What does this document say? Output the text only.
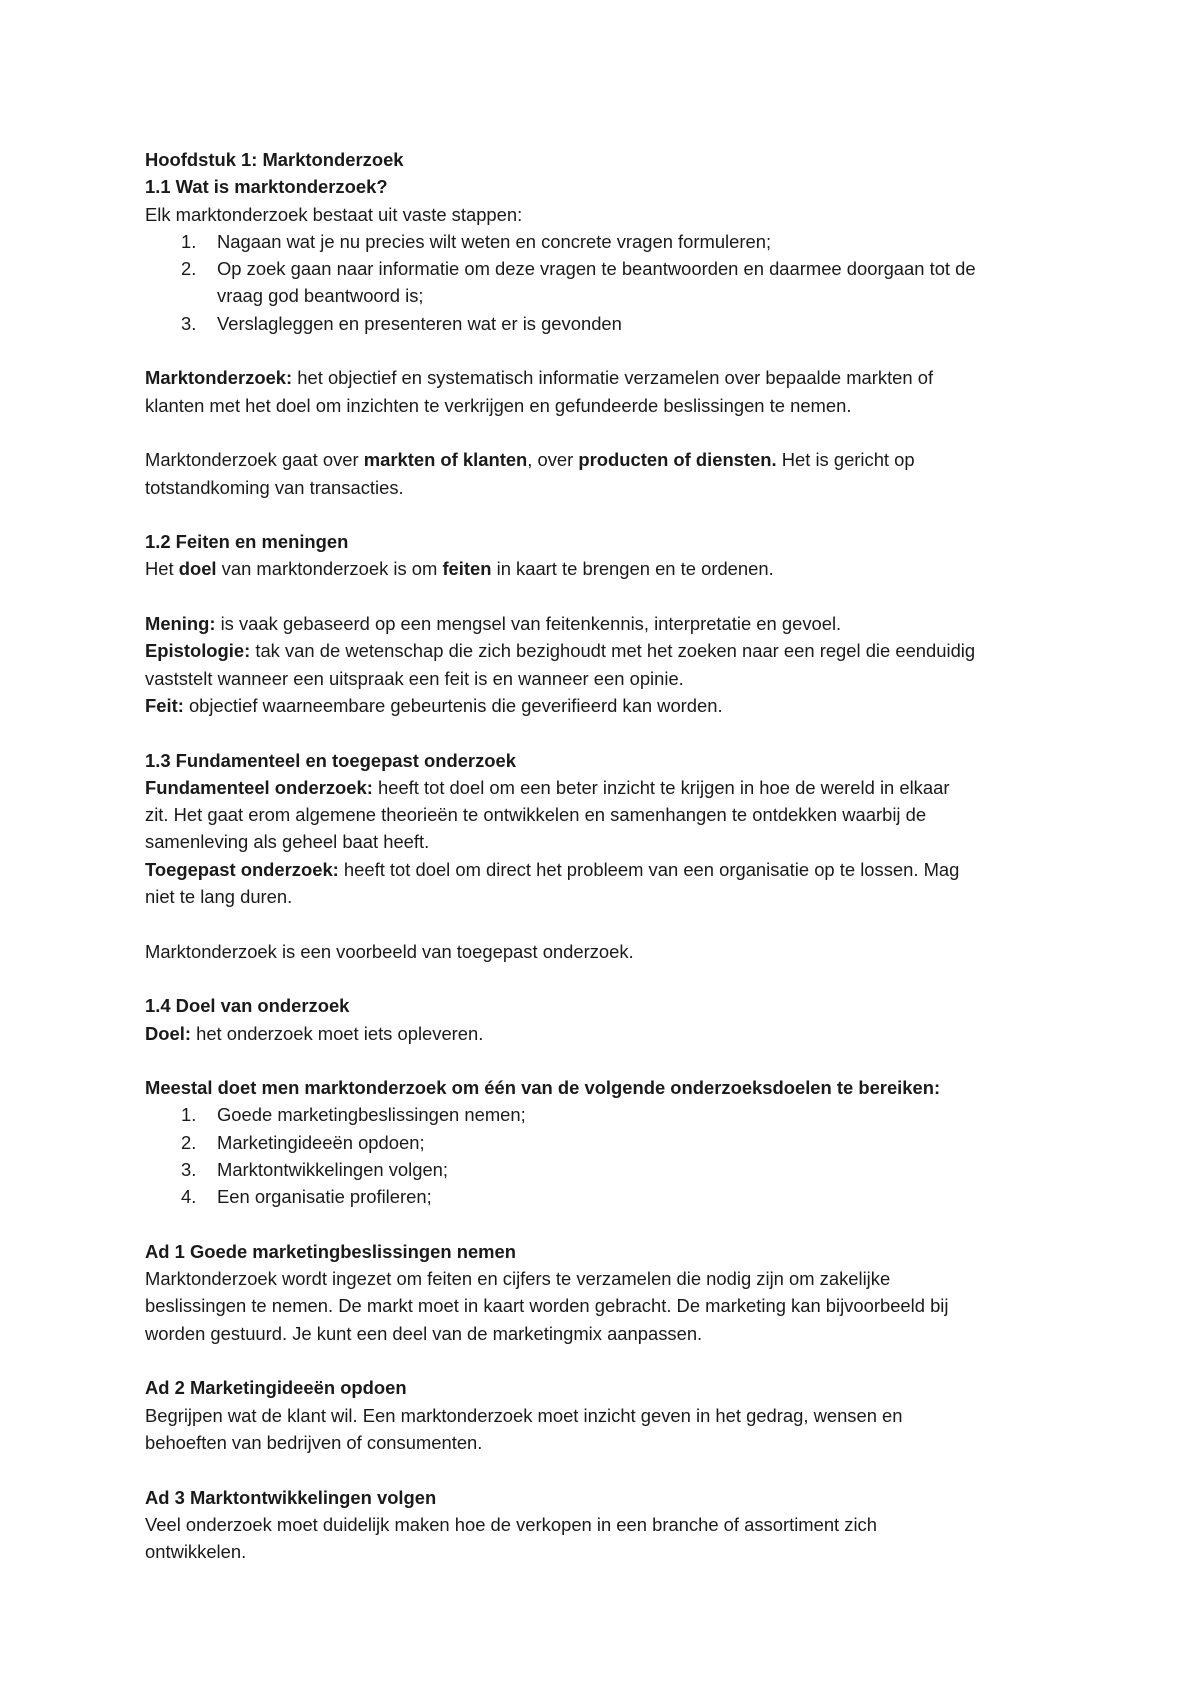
Hoofdstuk 1: Marktonderzoek
1.1 Wat is marktonderzoek?
Elk marktonderzoek bestaat uit vaste stappen:
1. Nagaan wat je nu precies wilt weten en concrete vragen formuleren;
2. Op zoek gaan naar informatie om deze vragen te beantwoorden en daarmee doorgaan tot de
vraag god beantwoord is;
3. Verslagleggen en presenteren wat er is gevonden
Marktonderzoek: het objectief en systematisch informatie verzamelen over bepaalde markten of
klanten met het doel om inzichten te verkrijgen en gefundeerde beslissingen te nemen.
Marktonderzoek gaat over markten of klanten, over producten of diensten. Het is gericht op
totstandkoming van transacties.
1.2 Feiten en meningen
Het doel van marktonderzoek is om feiten in kaart te brengen en te ordenen.
Mening: is vaak gebaseerd op een mengsel van feitenkennis, interpretatie en gevoel.
Epistologie: tak van de wetenschap die zich bezighoudt met het zoeken naar een regel die eenduidig
vaststelt wanneer een uitspraak een feit is en wanneer een opinie.
Feit: objectief waarneembare gebeurtenis die geverifieerd kan worden.
1.3 Fundamenteel en toegepast onderzoek
Fundamenteel onderzoek: heeft tot doel om een beter inzicht te krijgen in hoe de wereld in elkaar
zit. Het gaat erom algemene theorieën te ontwikkelen en samenhangen te ontdekken waarbij de
samenleving als geheel baat heeft.
Toegepast onderzoek: heeft tot doel om direct het probleem van een organisatie op te lossen. Mag
niet te lang duren.
Marktonderzoek is een voorbeeld van toegepast onderzoek.
1.4 Doel van onderzoek
Doel: het onderzoek moet iets opleveren.
Meestal doet men marktonderzoek om één van de volgende onderzoeksdoelen te bereiken:
1. Goede marketingbeslissingen nemen;
2. Marketingideeën opdoen;
3. Marktontwikkelingen volgen;
4. Een organisatie profileren;
Ad 1 Goede marketingbeslissingen nemen
Marktonderzoek wordt ingezet om feiten en cijfers te verzamelen die nodig zijn om zakelijke
beslissingen te nemen. De markt moet in kaart worden gebracht. De marketing kan bijvoorbeeld bij
worden gestuurd. Je kunt een deel van de marketingmix aanpassen.
Ad 2 Marketingideeën opdoen
Begrijpen wat de klant wil. Een marktonderzoek moet inzicht geven in het gedrag, wensen en
behoeften van bedrijven of consumenten.
Ad 3 Marktontwikkelingen volgen
Veel onderzoek moet duidelijk maken hoe de verkopen in een branche of assortiment zich
ontwikkelen.
